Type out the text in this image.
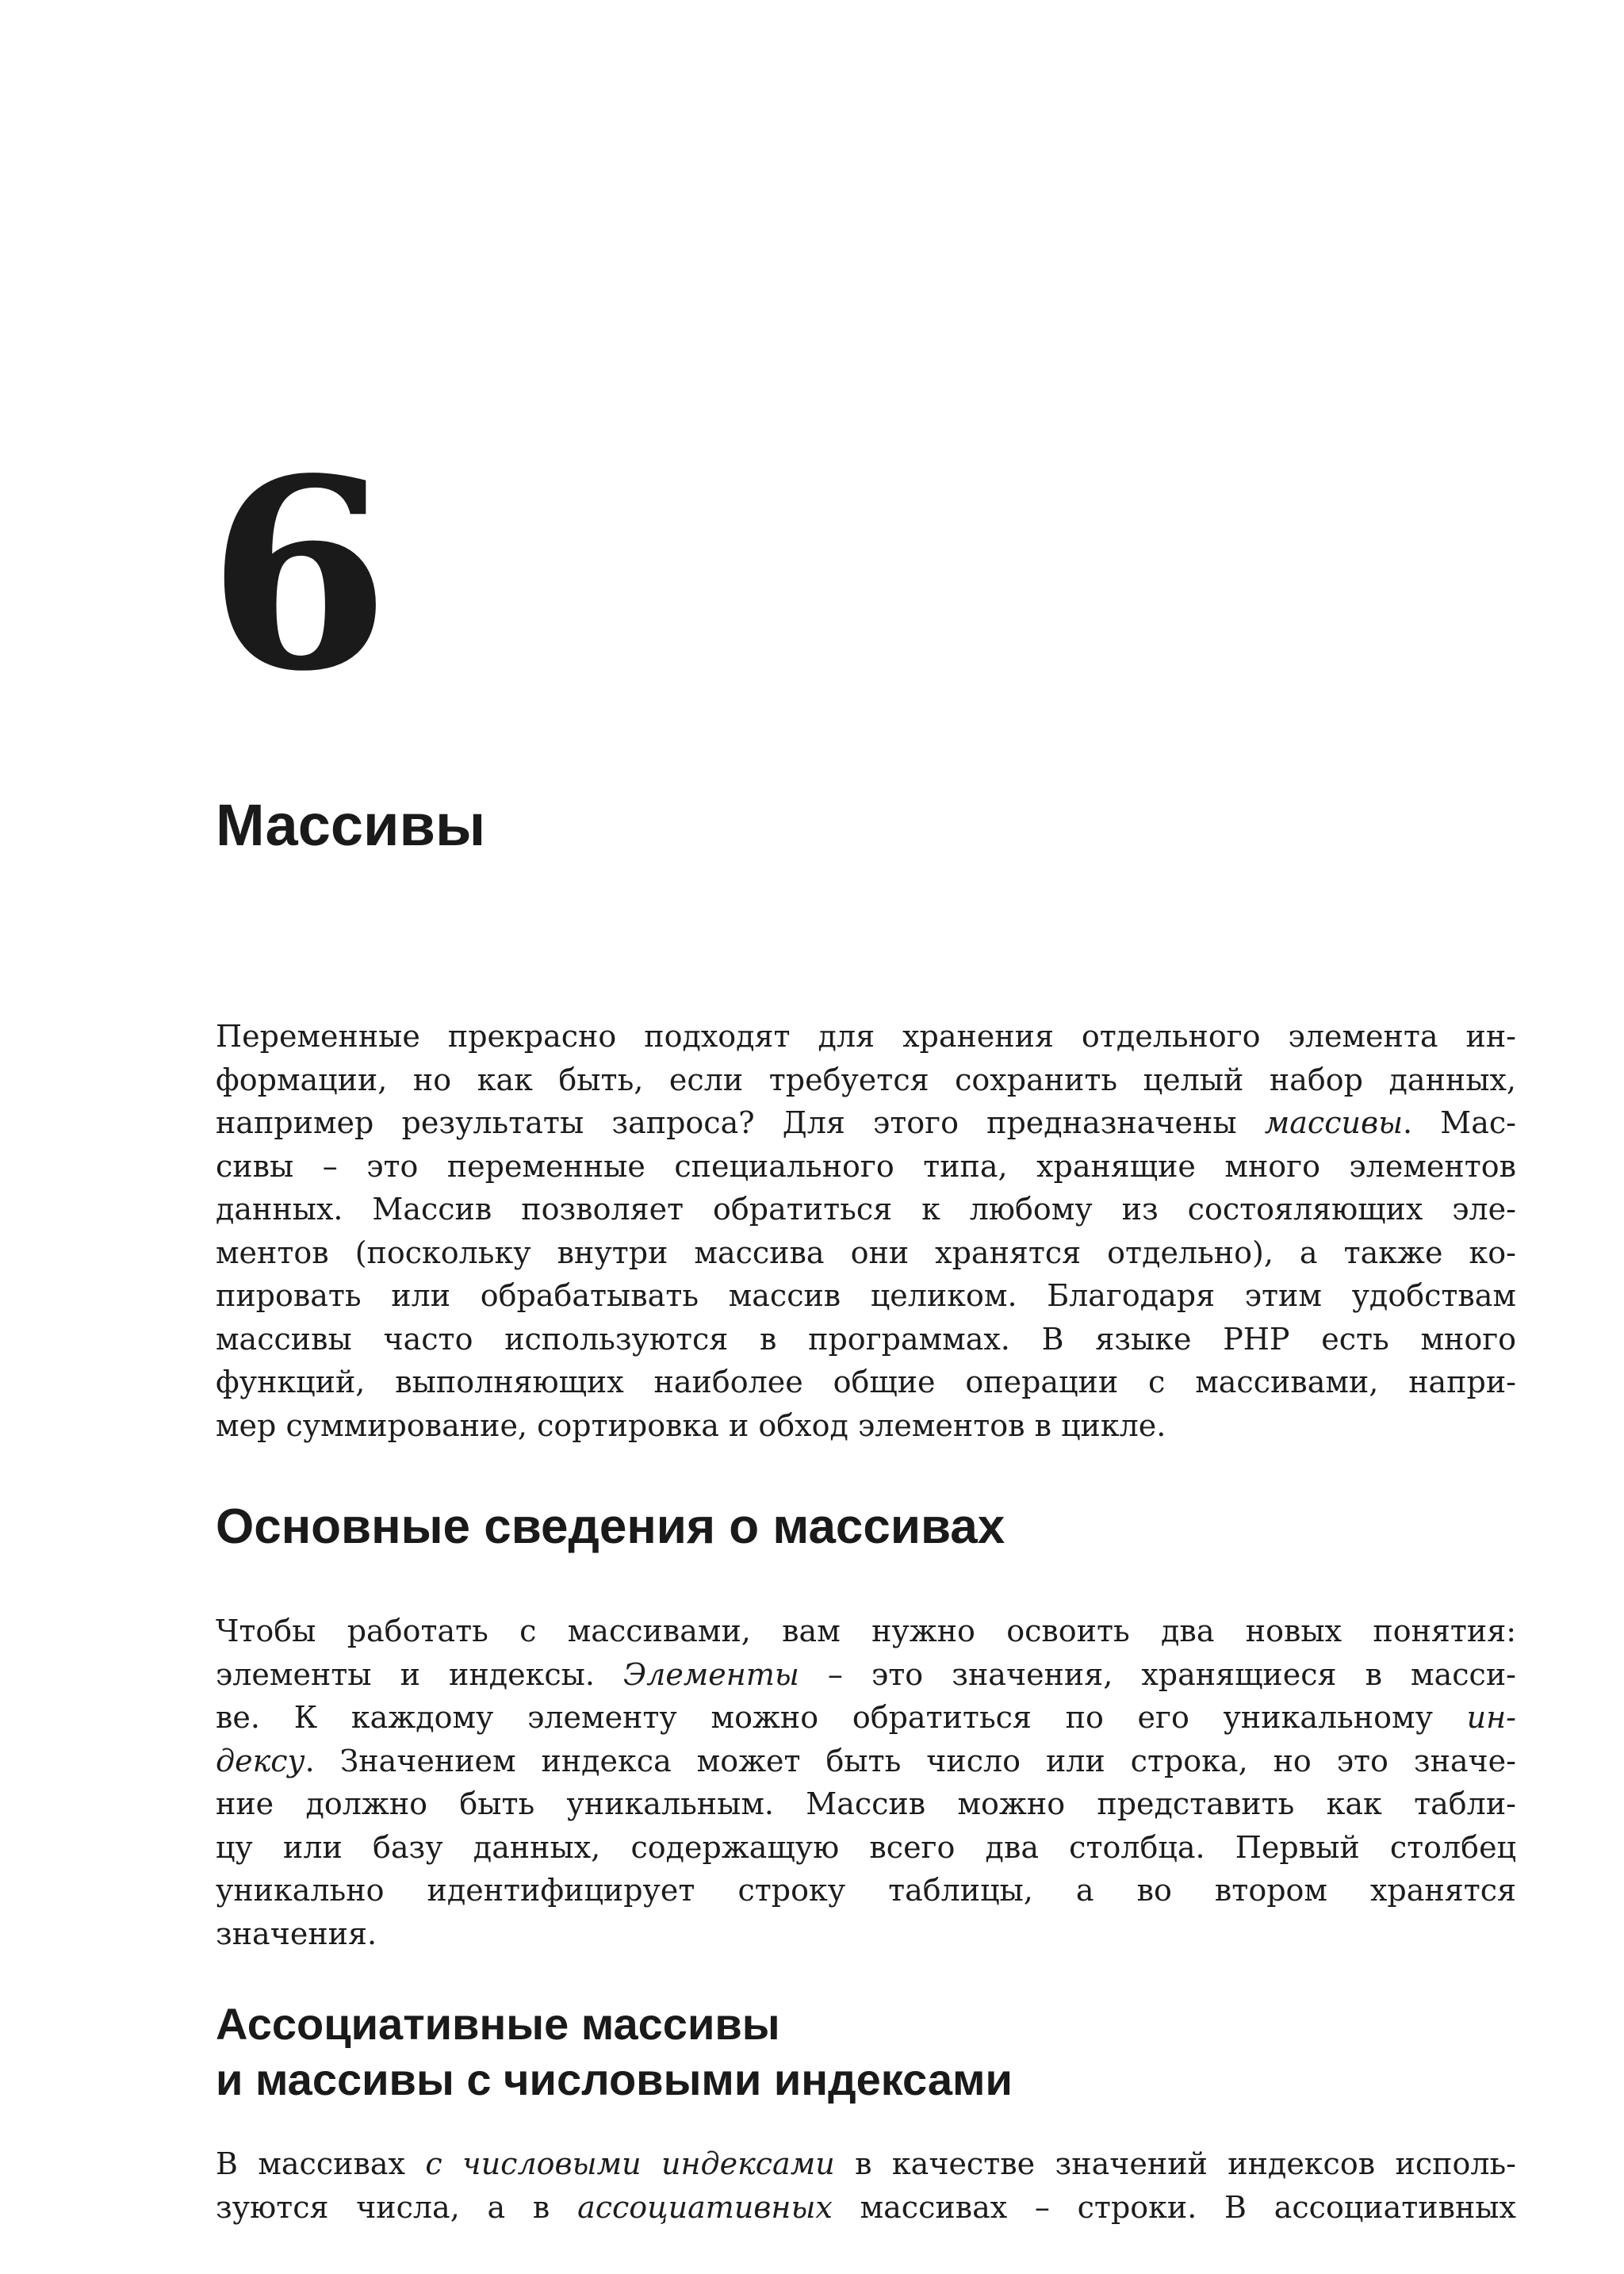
6
Массивы

Переменные прекрасно подходят для хранения отдельного элемента ин-
формации, но как быть, если требуется сохранить целый набор данных,
например результаты запроса? Для этого предназначены массивы. Мас-
сивы – это переменные специального типа, хранящие много элементов
данных. Массив позволяет обратиться к любому из состояляющих эле-
ментов (поскольку внутри массива они хранятся отдельно), а также ко-
пировать или обрабатывать массив целиком. Благодаря этим удобствам
массивы часто используются в программах. В языке PHP есть много
функций, выполняющих наиболее общие операции с массивами, напри-
мер суммирование, сортировка и обход элементов в цикле.

Основные сведения о массивах

Чтобы работать с массивами, вам нужно освоить два новых понятия:
элементы и индексы. Элементы – это значения, хранящиеся в масси-
ве. К каждому элементу можно обратиться по его уникальному ин-
дексу. Значением индекса может быть число или строка, но это значе-
ние должно быть уникальным. Массив можно представить как табли-
цу или базу данных, содержащую всего два столбца. Первый столбец
уникально идентифицирует строку таблицы, а во втором хранятся
значения.

Ассоциативные массивы
и массивы с числовыми индексами

В массивах с числовыми индексами в качестве значений индексов исполь-
зуются числа, а в ассоциативных массивах – строки. В ассоциативных
